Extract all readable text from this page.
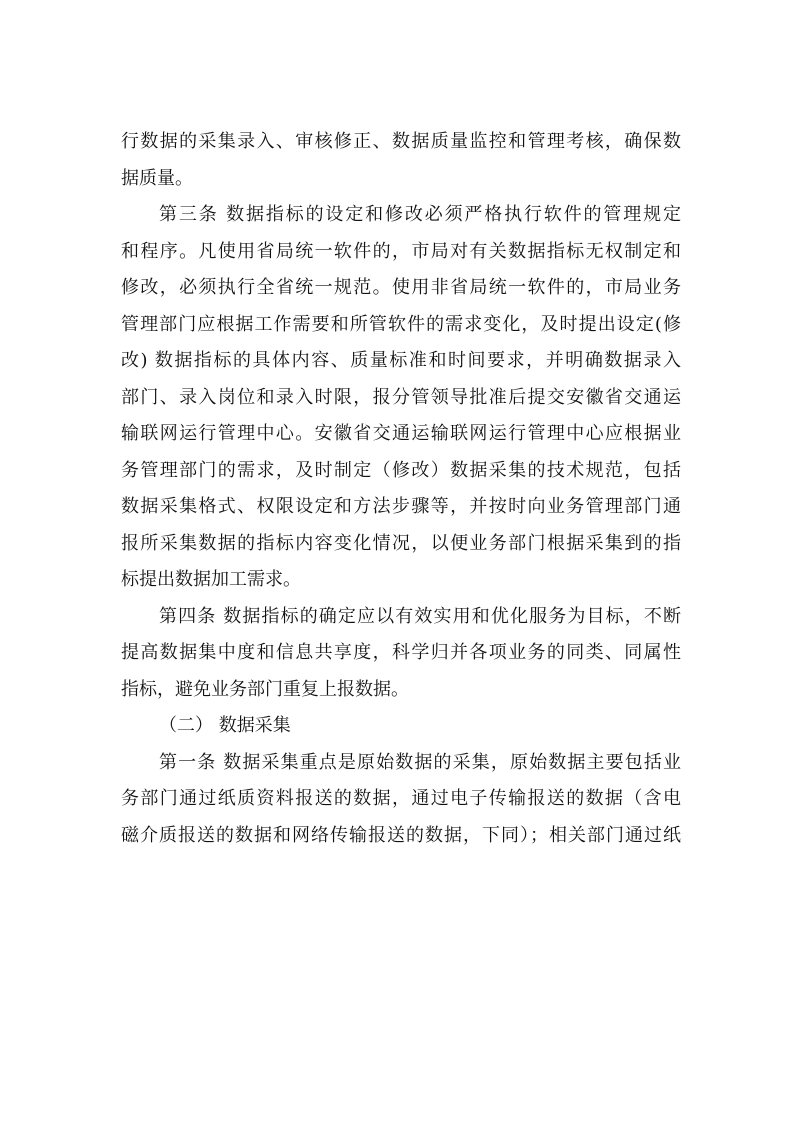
行数据的采集录入、审核修正、数据质量监控和管理考核，确保数
据质量。
第三条 数据指标的设定和修改必须严格执行软件的管理规定
和程序。凡使用省局统一软件的，市局对有关数据指标无权制定和
修改，必须执行全省统一规范。使用非省局统一软件的，市局业务
管理部门应根据工作需要和所管软件的需求变化，及时提出设定(修
改) 数据指标的具体内容、质量标准和时间要求，并明确数据录入
部门、录入岗位和录入时限，报分管领导批准后提交安徽省交通运
输联网运行管理中心。安徽省交通运输联网运行管理中心应根据业
务管理部门的需求，及时制定（修改）数据采集的技术规范，包括
数据采集格式、权限设定和方法步骤等，并按时向业务管理部门通
报所采集数据的指标内容变化情况，以便业务部门根据采集到的指
标提出数据加工需求。
第四条 数据指标的确定应以有效实用和优化服务为目标，不断
提高数据集中度和信息共享度，科学归并各项业务的同类、同属性
指标，避免业务部门重复上报数据。
（二） 数据采集
第一条 数据采集重点是原始数据的采集，原始数据主要包括业
务部门通过纸质资料报送的数据，通过电子传输报送的数据（含电
磁介质报送的数据和网络传输报送的数据，下同）；相关部门通过纸
